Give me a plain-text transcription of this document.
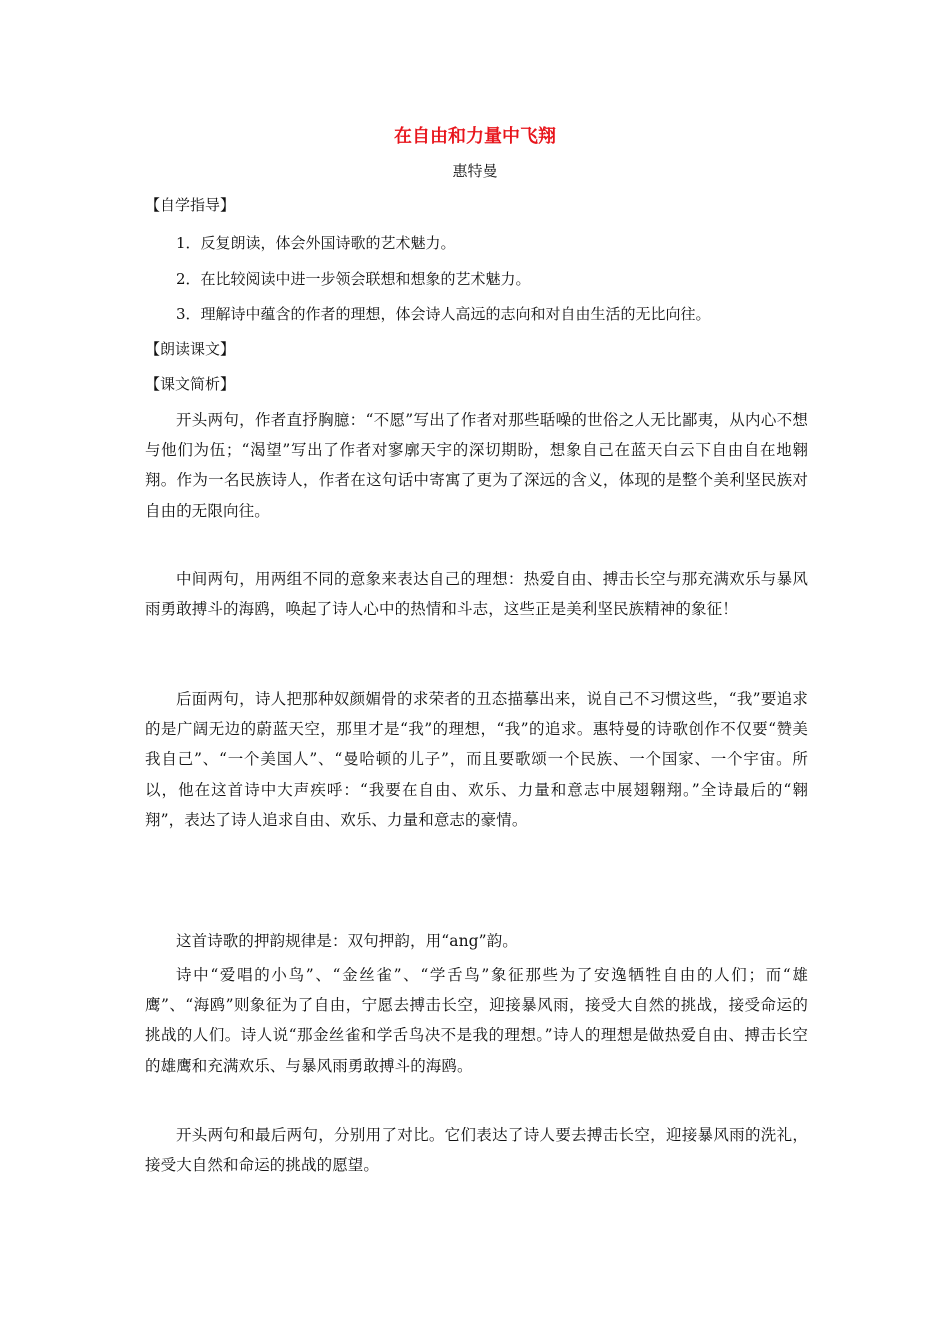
在自由和力量中飞翔
惠特曼
【自学指导】
1．反复朗读，体会外国诗歌的艺术魅力。
2．在比较阅读中进一步领会联想和想象的艺术魅力。
3．理解诗中蕴含的作者的理想，体会诗人高远的志向和对自由生活的无比向往。
【朗读课文】
【课文简析】

开头两句，作者直抒胸臆：“不愿”写出了作者对那些聒噪的世俗之人无比鄙夷，从内心不想与他们为伍；“渴望”写出了作者对寥廓天宇的深切期盼，想象自己在蓝天白云下自由自在地翱翔。作为一名民族诗人，作者在这句话中寄寓了更为了深远的含义，体现的是整个美利坚民族对自由的无限向往。

中间两句，用两组不同的意象来表达自己的理想：热爱自由、搏击长空与那充满欢乐与暴风雨勇敢搏斗的海鸥，唤起了诗人心中的热情和斗志，这些正是美利坚民族精神的象征！

后面两句，诗人把那种奴颜媚骨的求荣者的丑态描摹出来，说自己不习惯这些，“我”要追求的是广阔无边的蔚蓝天空，那里才是“我”的理想，“我”的追求。惠特曼的诗歌创作不仅要“赞美我自己”、“一个美国人”、“曼哈顿的儿子”，而且要歌颂一个民族、一个国家、一个宇宙。所以，他在这首诗中大声疾呼：“我要在自由、欢乐、力量和意志中展翅翱翔。”全诗最后的“翱翔”，表达了诗人追求自由、欢乐、力量和意志的豪情。

这首诗歌的押韵规律是：双句押韵，用“ang”韵。

诗中“爱唱的小鸟”、“金丝雀”、“学舌鸟”象征那些为了安逸牺牲自由的人们；而“雄鹰”、“海鸥”则象征为了自由，宁愿去搏击长空，迎接暴风雨，接受大自然的挑战，接受命运的挑战的人们。诗人说“那金丝雀和学舌鸟决不是我的理想。”诗人的理想是做热爱自由、搏击长空的雄鹰和充满欢乐、与暴风雨勇敢搏斗的海鸥。

开头两句和最后两句，分别用了对比。它们表达了诗人要去搏击长空，迎接暴风雨的洗礼，接受大自然和命运的挑战的愿望。
